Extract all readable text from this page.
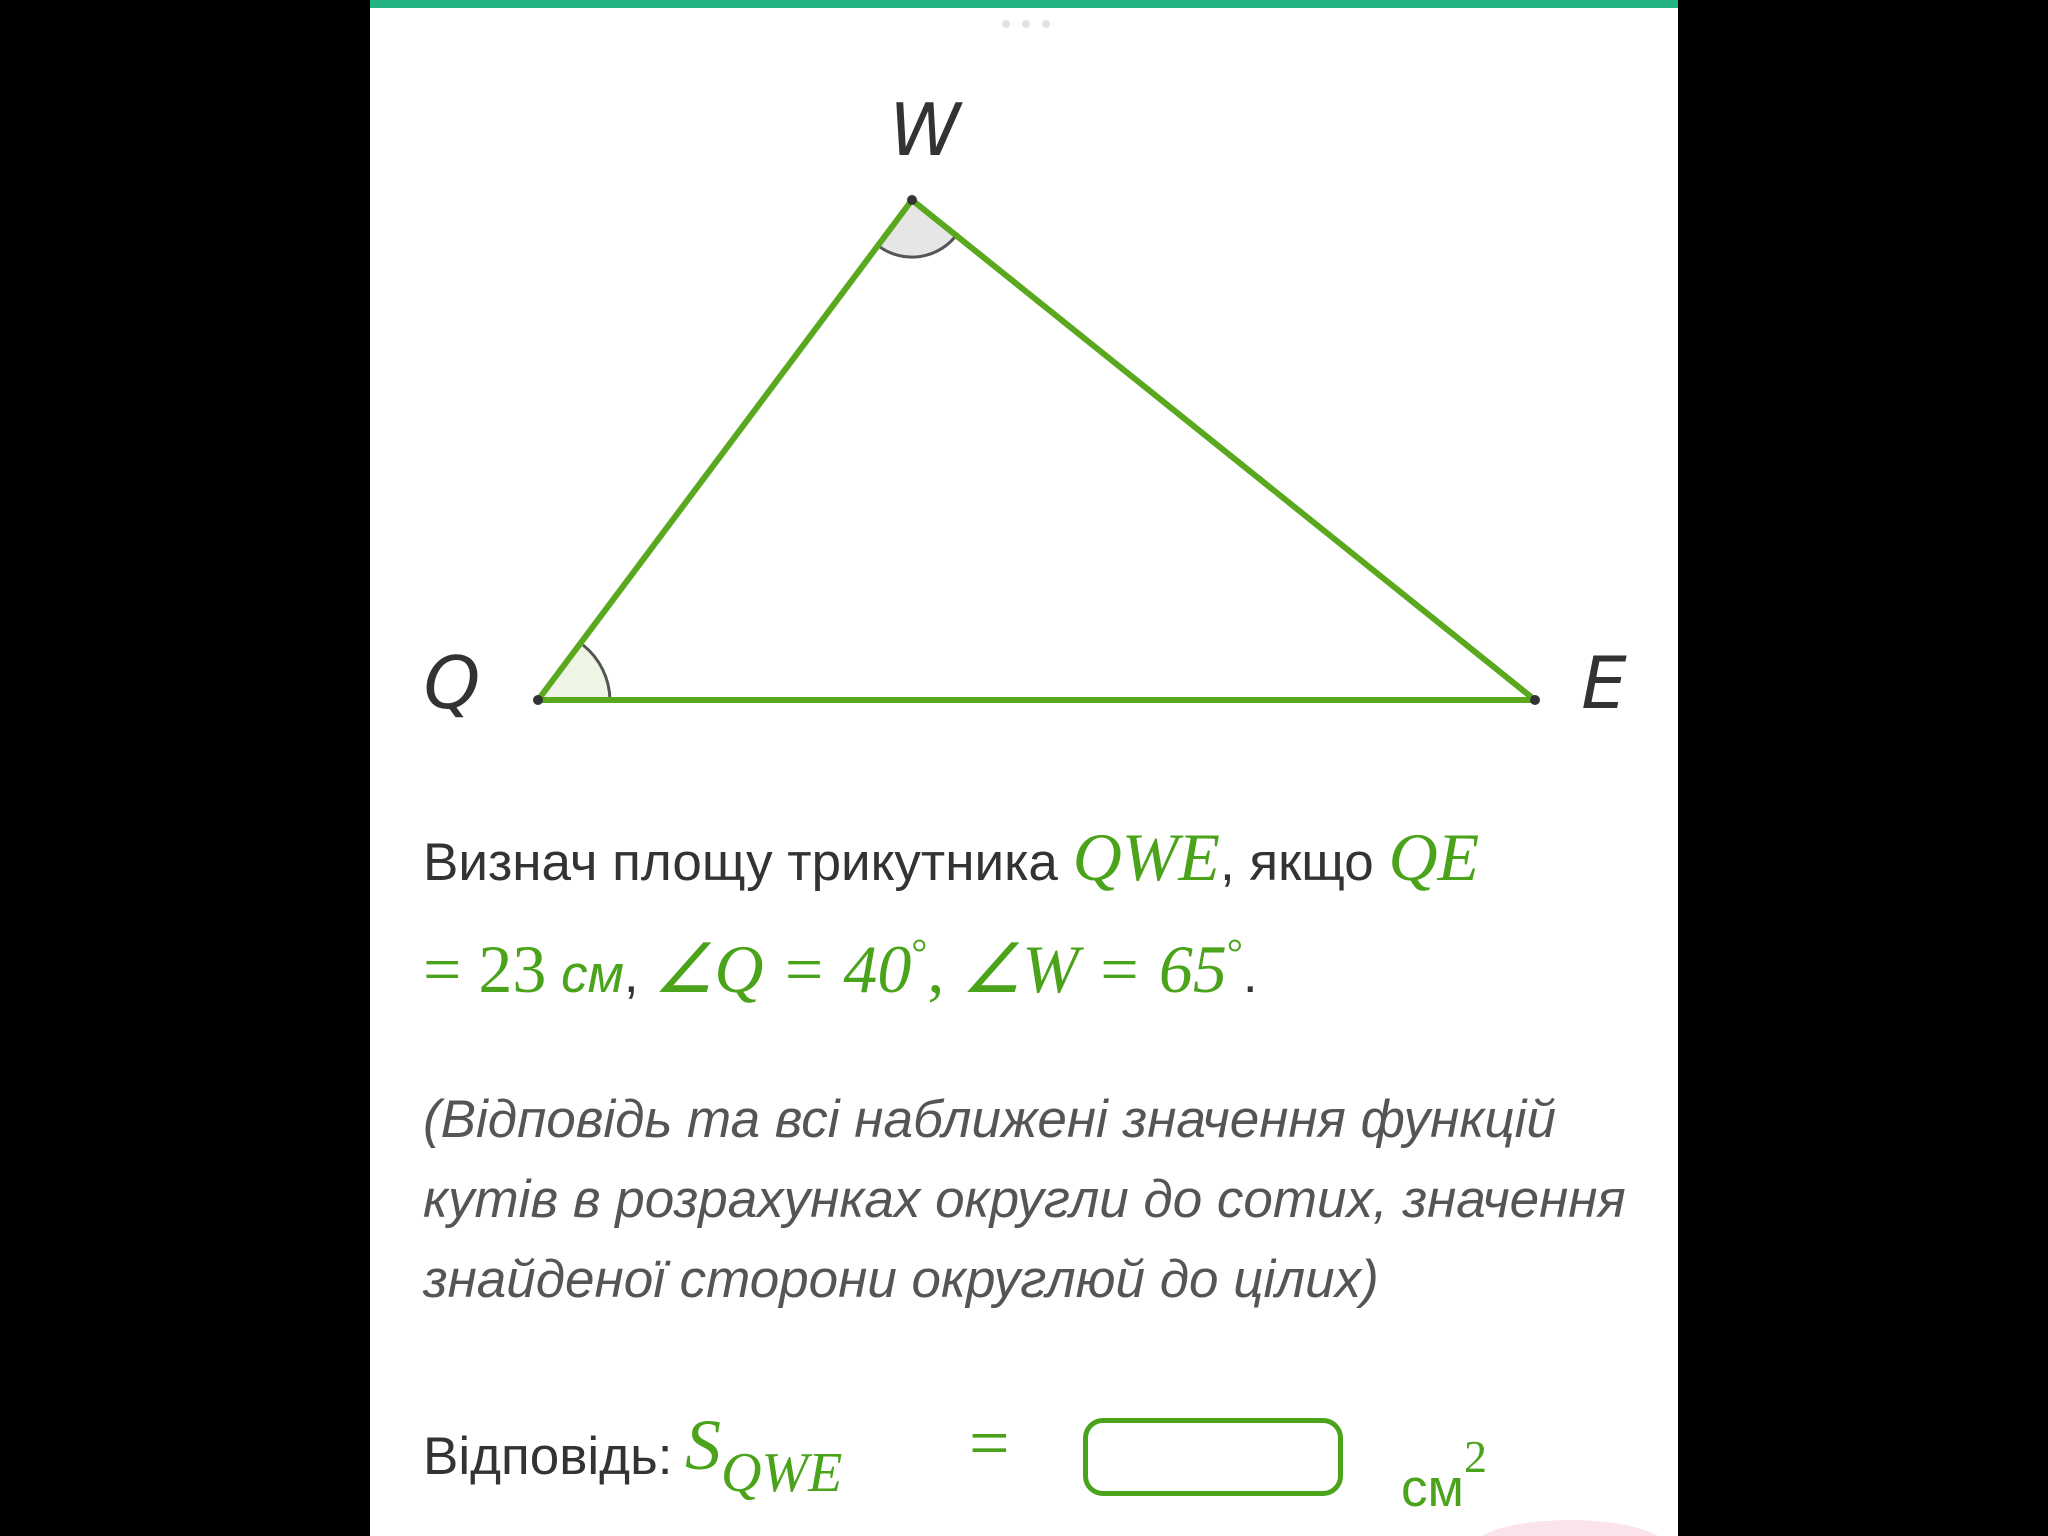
W
Q	E

Визнач площу трикутника QWE, якщо QE
= 23 см, ∠Q = 40°, ∠W = 65°.

(Відповідь та всі наближені значення функцій кутів в розрахунках округли до сотих, значення знайденої сторони округлюй до цілих)

Відповідь: $S_{QWE}$ =
см2
